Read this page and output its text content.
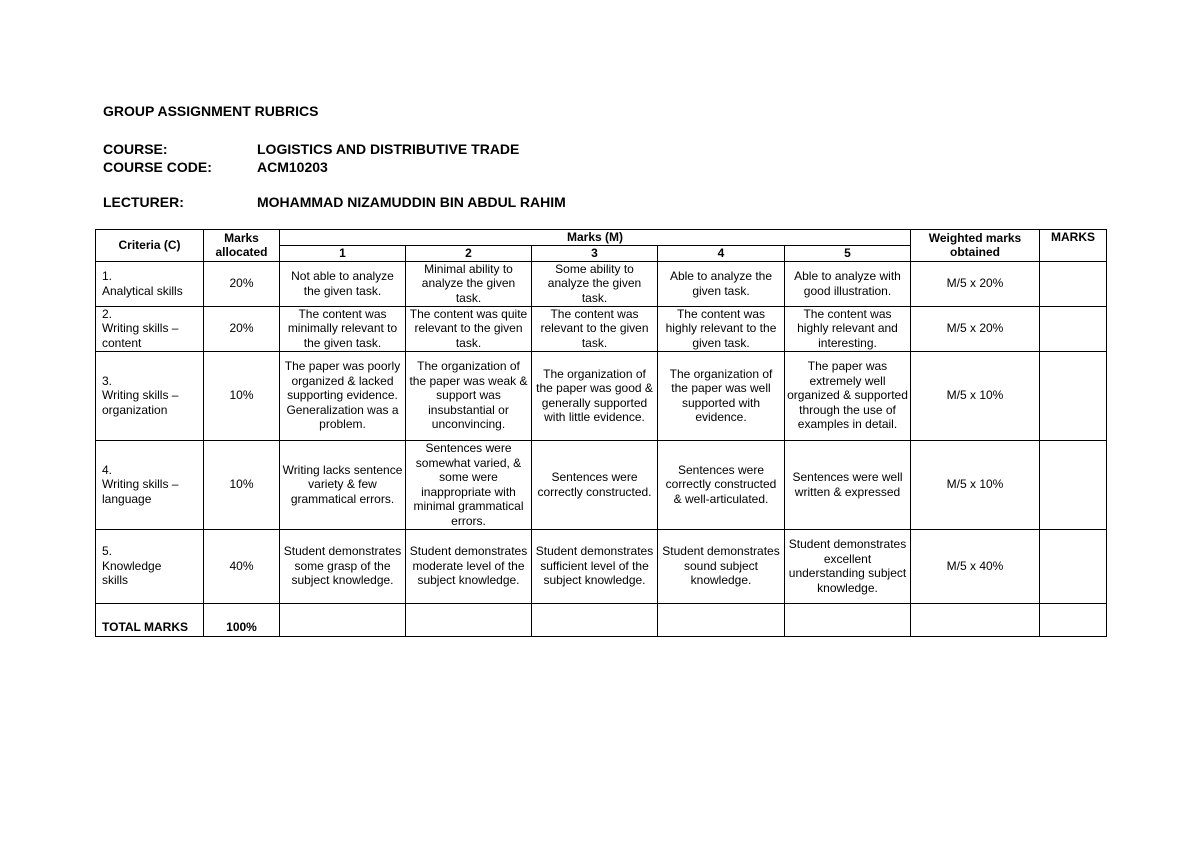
GROUP ASSIGNMENT RUBRICS
COURSE:	LOGISTICS AND DISTRIBUTIVE TRADE
COURSE CODE:	ACM10203
LECTURER:	MOHAMMAD NIZAMUDDIN BIN ABDUL RAHIM
Criteria (C)	Marks allocated	Marks (M)					Weighted marks obtained	MARKS
		1	2	3	4	5		
1.
Analytical skills	20%	Not able to analyze the given task.	Minimal ability to analyze the given task.	Some ability to analyze the given task.	Able to analyze the given task.	Able to analyze with good illustration.	M/5 x 20%	
2.
Writing skills –
content	20%	The content was minimally relevant to the given task.	The content was quite relevant to the given task.	The content was relevant to the given task.	The content was highly relevant to the given task.	The content was highly relevant and interesting.	M/5 x 20%	
3.
Writing skills –
organization	10%	The paper was poorly organized & lacked supporting evidence. Generalization was a problem.	The organization of the paper was weak & support was insubstantial or unconvincing.	The organization of the paper was good & generally supported with little evidence.	The organization of the paper was well supported with evidence.	The paper was extremely well organized & supported through the use of examples in detail.	M/5 x 10%	
4.
Writing skills –
language	10%	Writing lacks sentence variety & few grammatical errors.	Sentences were somewhat varied, & some were inappropriate with minimal grammatical errors.	Sentences were correctly constructed.	Sentences were correctly constructed & well-articulated.	Sentences were well written & expressed	M/5 x 10%	
5.
Knowledge
skills	40%	Student demonstrates some grasp of the subject knowledge.	Student demonstrates moderate level of the subject knowledge.	Student demonstrates sufficient level of the subject knowledge.	Student demonstrates sound subject knowledge.	Student demonstrates excellent understanding subject knowledge.	M/5 x 40%	
TOTAL MARKS	100%							
